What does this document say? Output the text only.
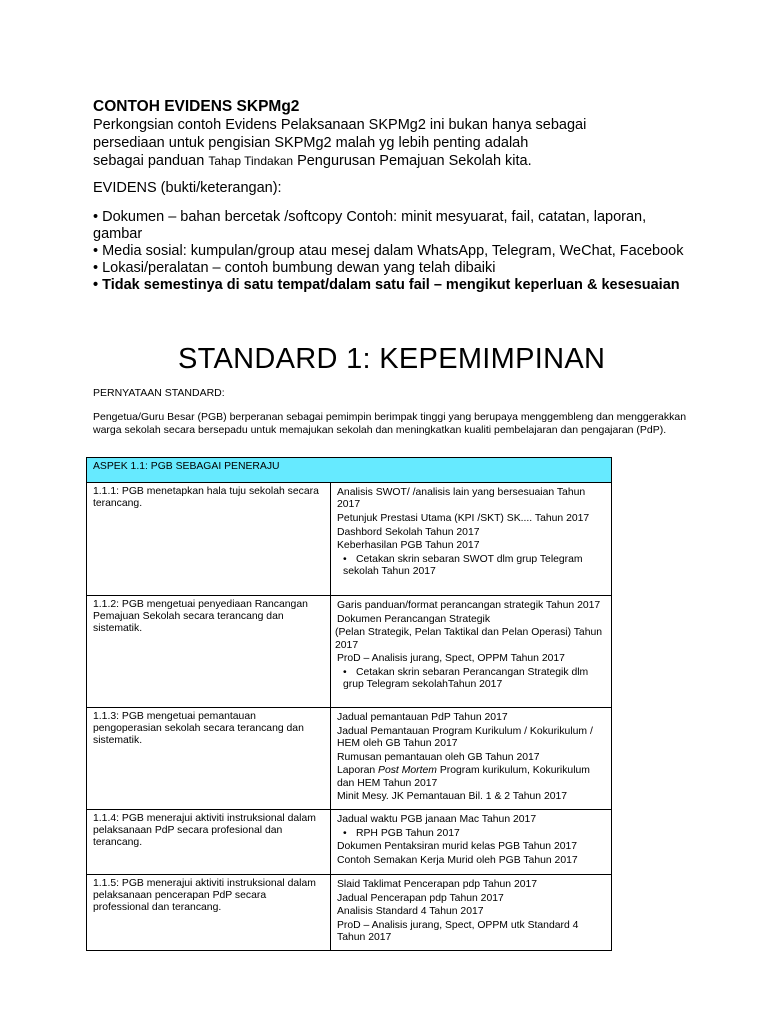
CONTOH EVIDENS SKPMg2
Perkongsian contoh Evidens Pelaksanaan SKPMg2 ini bukan hanya sebagai
persediaan untuk pengisian SKPMg2 malah yg lebih penting adalah
sebagai panduan Tahap Tindakan Pengurusan Pemajuan Sekolah kita.
EVIDENS (bukti/keterangan):
• Dokumen – bahan bercetak /softcopy Contoh: minit mesyuarat, fail, catatan, laporan, gambar
• Media sosial: kumpulan/group atau mesej dalam WhatsApp, Telegram, WeChat, Facebook
• Lokasi/peralatan – contoh bumbung dewan yang telah dibaiki
• Tidak semestinya di satu tempat/dalam satu fail – mengikut keperluan & kesesuaian
STANDARD 1: KEPEMIMPINAN
PERNYATAAN STANDARD:
Pengetua/Guru Besar (PGB) berperanan sebagai pemimpin berimpak tinggi yang berupaya menggembleng dan menggerakkan warga sekolah secara bersepadu untuk memajukan sekolah dan meningkatkan kualiti pembelajaran dan pengajaran (PdP).
ASPEK 1.1: PGB SEBAGAI PENERAJU	
1.1.1: PGB menetapkan hala tuju sekolah secara terancang.	Analisis SWOT/ /analisis lain yang bersesuaian Tahun 2017
Petunjuk Prestasi Utama (KPI /SKT) SK.... Tahun 2017
Dashbord Sekolah Tahun 2017
Keberhasilan PGB Tahun 2017
• Cetakan skrin sebaran SWOT dlm grup Telegram sekolah Tahun 2017

1.1.2: PGB mengetuai penyediaan Rancangan Pemajuan Sekolah secara terancang dan sistematik.	Garis panduan/format perancangan strategik Tahun 2017
Dokumen Perancangan Strategik
(Pelan Strategik, Pelan Taktikal dan Pelan Operasi) Tahun 2017
ProD – Analisis jurang, Spect, OPPM Tahun 2017
• Cetakan skrin sebaran Perancangan Strategik dlm grup Telegram sekolahTahun 2017

1.1.3: PGB mengetuai pemantauan pengoperasian sekolah secara terancang dan sistematik.	Jadual pemantauan PdP Tahun 2017
Jadual Pemantauan Program Kurikulum / Kokurikulum / HEM oleh GB Tahun 2017
Rumusan pemantauan oleh GB Tahun 2017
Laporan Post Mortem Program kurikulum, Kokurikulum dan HEM Tahun 2017
Minit Mesy. JK Pemantauan Bil. 1 & 2 Tahun 2017

1.1.4: PGB menerajui aktiviti instruksional dalam pelaksanaan PdP secara profesional dan terancang.	Jadual waktu PGB janaan Mac Tahun 2017
• RPH PGB Tahun 2017
Dokumen Pentaksiran murid kelas PGB Tahun 2017
Contoh Semakan Kerja Murid oleh PGB Tahun 2017

1.1.5: PGB menerajui aktiviti instruksional dalam pelaksanaan pencerapan PdP secara professional dan terancang.	Slaid Taklimat Pencerapan pdp Tahun 2017
Jadual Pencerapan pdp Tahun 2017
Analisis Standard 4 Tahun 2017
ProD – Analisis jurang, Spect, OPPM utk Standard 4 Tahun 2017
